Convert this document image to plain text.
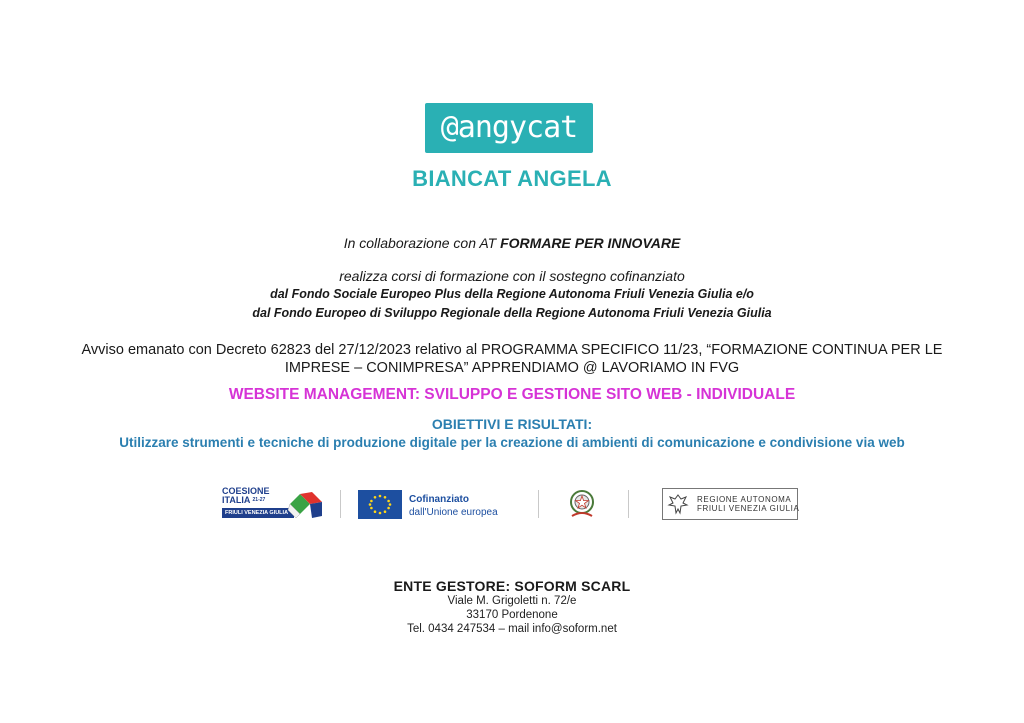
@angycat
BIANCAT ANGELA
In collaborazione con AT FORMARE PER INNOVARE
realizza corsi di formazione con il sostegno cofinanziato
dal Fondo Sociale Europeo Plus della Regione Autonoma Friuli Venezia Giulia e/o
dal Fondo Europeo di Sviluppo Regionale della Regione Autonoma Friuli Venezia Giulia
Avviso emanato con Decreto 62823 del 27/12/2023 relativo al PROGRAMMA SPECIFICO 11/23, “FORMAZIONE CONTINUA PER LE
IMPRESE – CONIMPRESA” APPRENDIAMO @ LAVORIAMO IN FVG
WEBSITE MANAGEMENT: SVILUPPO E GESTIONE SITO WEB - INDIVIDUALE
OBIETTIVI E RISULTATI:
Utilizzare strumenti e tecniche di produzione digitale per la creazione di ambienti di comunicazione e condivisione via web
COESIONE
ITALIA $^{21-27}$
FRIULI VENEZIA GIULIA
Cofinanziato
dall'Unione europea
REGIONE AUTONOMA
FRIULI VENEZIA GIULIA
ENTE GESTORE: SOFORM SCARL
Viale M. Grigoletti n. 72/e
33170 Pordenone
Tel. 0434 247534 – mail info@soform.net
